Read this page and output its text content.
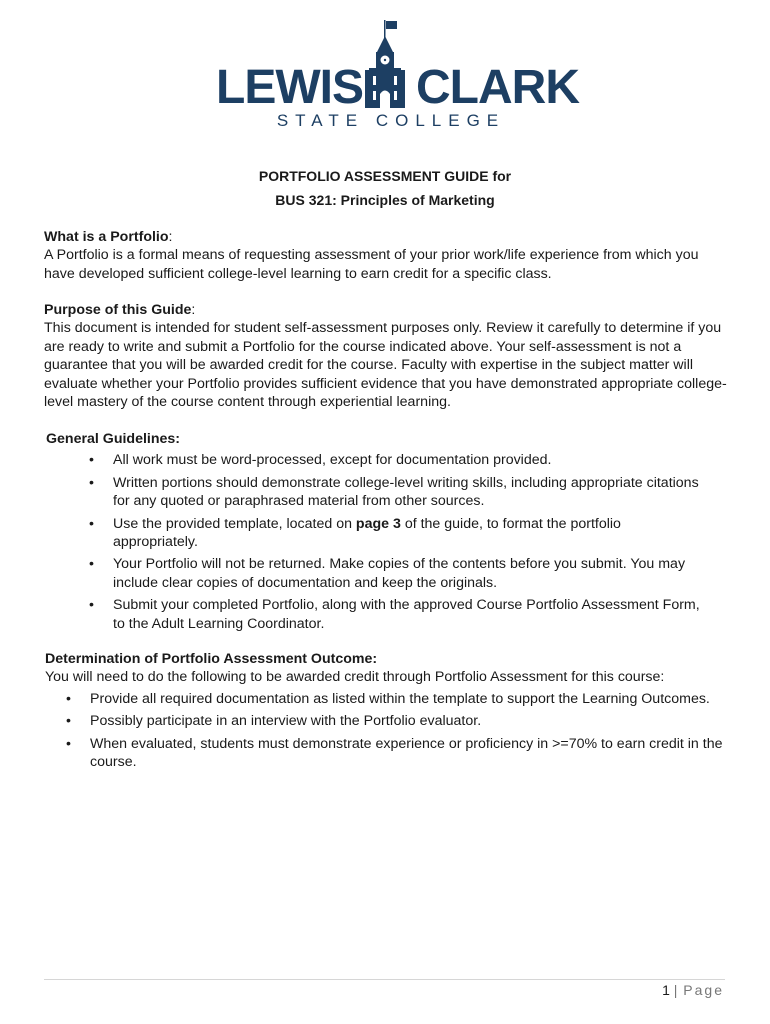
LEWIS CLARK
STATE COLLEGE
PORTFOLIO ASSESSMENT GUIDE for
BUS 321: Principles of Marketing

What is a Portfolio:

A Portfolio is a formal means of requesting assessment of your prior work/life experience from which you have developed sufficient college-level learning to earn credit for a specific class.

Purpose of this Guide:

This document is intended for student self-assessment purposes only. Review it carefully to determine if you are ready to write and submit a Portfolio for the course indicated above. Your self-assessment is not a guarantee that you will be awarded credit for the course. Faculty with expertise in the subject matter will evaluate whether your Portfolio provides sufficient evidence that you have demonstrated appropriate college-level mastery of the course content through experiential learning.

General Guidelines:

• All work must be word-processed, except for documentation provided.
• Written portions should demonstrate college-level writing skills, including appropriate citations for any quoted or paraphrased material from other sources.
• Use the provided template, located on page 3 of the guide, to format the portfolio appropriately.
• Your Portfolio will not be returned. Make copies of the contents before you submit. You may include clear copies of documentation and keep the originals.
• Submit your completed Portfolio, along with the approved Course Portfolio Assessment Form, to the Adult Learning Coordinator.

Determination of Portfolio Assessment Outcome:

You will need to do the following to be awarded credit through Portfolio Assessment for this course:

• Provide all required documentation as listed within the template to support the Learning Outcomes.
• Possibly participate in an interview with the Portfolio evaluator.
• When evaluated, students must demonstrate experience or proficiency in >=70% to earn credit in the course.
1 | Page
